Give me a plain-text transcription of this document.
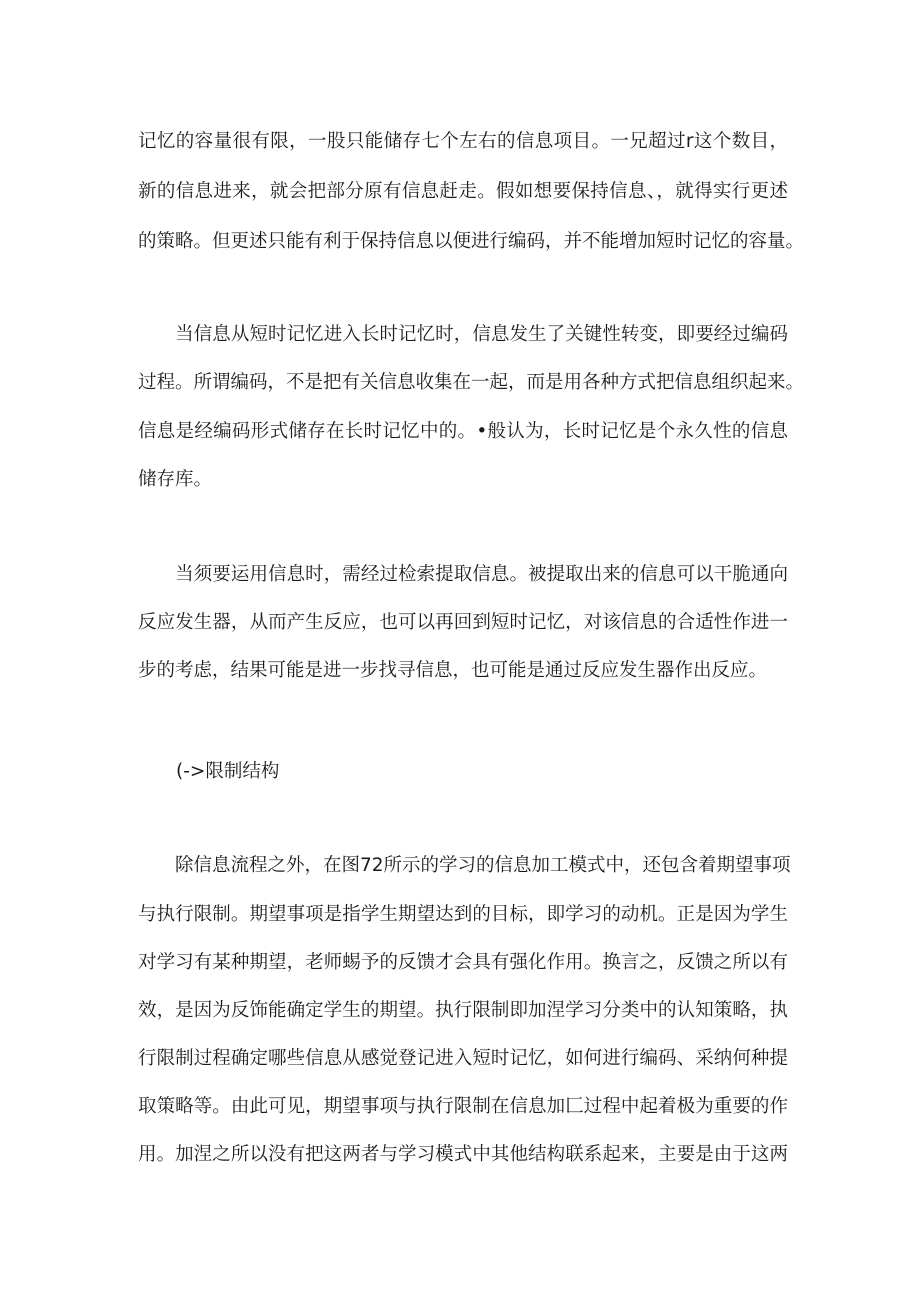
记忆的容量很有限，一股只能储存七个左右的信息项目。一兄超过r这个数目，
新的信息进来，就会把部分原有信息赶走。假如想要保持信息、，就得实行更述
的策略。但更述只能有利于保持信息以便进行编码，并不能增加短时记忆的容量。
　　当信息从短时记忆进入长时记忆时，信息发生了关键性转变，即要经过编码
过程。所谓编码，不是把有关信息收集在一起，而是用各种方式把信息组织起来。
信息是经编码形式储存在长时记忆中的。•般认为，长时记忆是个永久性的信息
储存库。
　　当须要运用信息时，需经过检索提取信息。被提取出来的信息可以干脆通向
反应发生器，从而产生反应，也可以再回到短时记忆，对该信息的合适性作进一
步的考虑，结果可能是进一步找寻信息，也可能是通过反应发生器作出反应。
(->限制结构
　　除信息流程之外，在图72所示的学习的信息加工模式中，还包含着期望事项
与执行限制。期望事项是指学生期望达到的目标，即学习的动机。正是因为学生
对学习有某种期望，老师蜴予的反馈才会具有强化作用。换言之，反馈之所以有
效，是因为反饰能确定学生的期望。执行限制即加涅学习分类中的认知策略，执
行限制过程确定哪些信息从感觉登记进入短时记忆，如何进行编码、采纳何种提
取策略等。由此可见，期望事项与执行限制在信息加匚过程中起着极为重要的作
用。加涅之所以没有把这两者与学习模式中其他结构联系起来，主要是由于这两
